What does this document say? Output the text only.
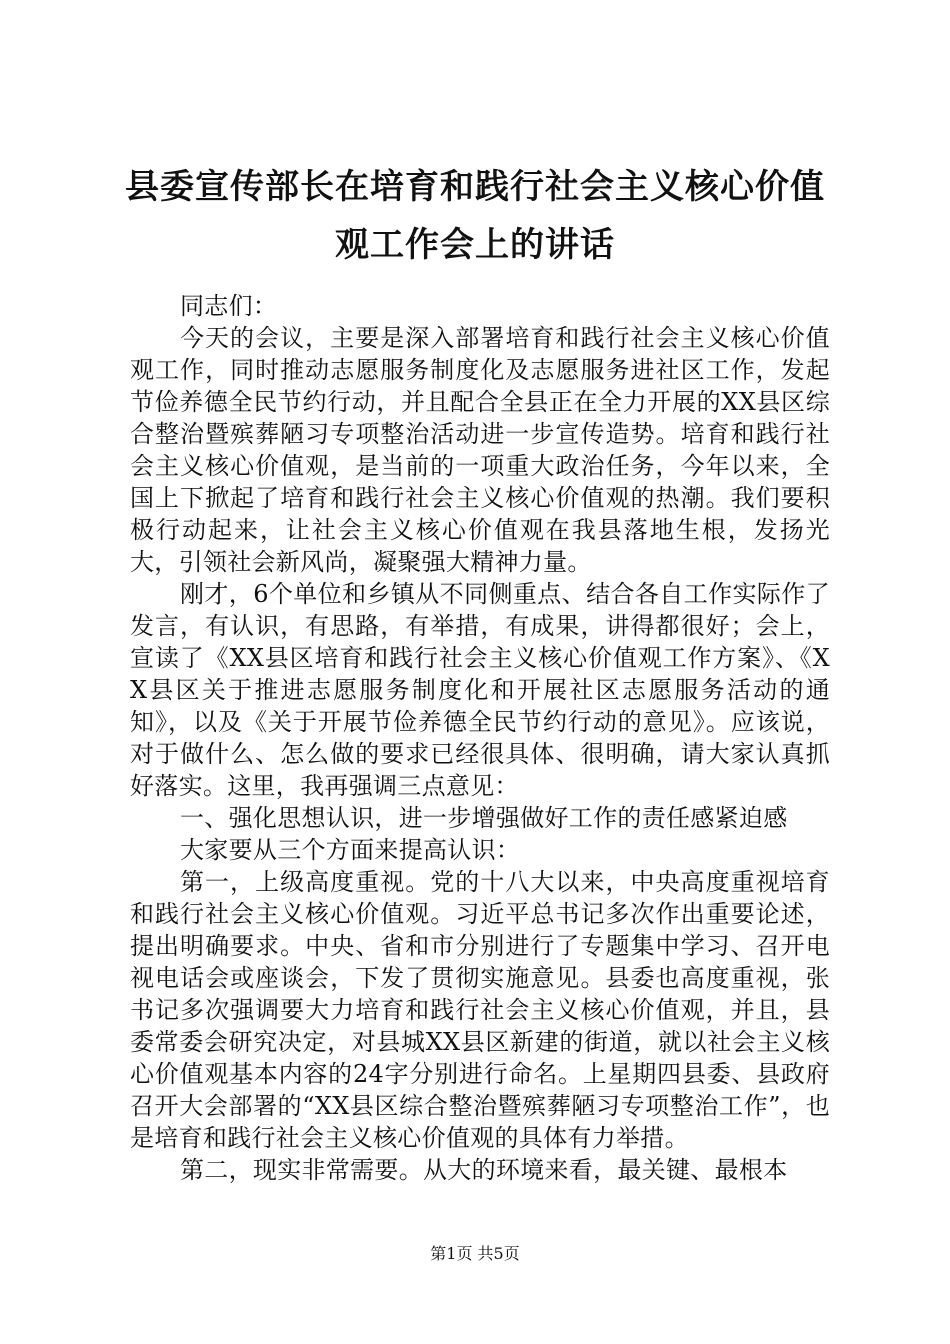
县委宣传部长在培育和践行社会主义核心价值观工作会上的讲话

同志们：

今天的会议，主要是深入部署培育和践行社会主义核心价值观工作，同时推动志愿服务制度化及志愿服务进社区工作，发起节俭养德全民节约行动，并且配合全县正在全力开展的XX县区综合整治暨殡葬陋习专项整治活动进一步宣传造势。培育和践行社会主义核心价值观，是当前的一项重大政治任务，今年以来，全国上下掀起了培育和践行社会主义核心价值观的热潮。我们要积极行动起来，让社会主义核心价值观在我县落地生根，发扬光大，引领社会新风尚，凝聚强大精神力量。

刚才，6个单位和乡镇从不同侧重点、结合各自工作实际作了发言，有认识，有思路，有举措，有成果，讲得都很好；会上，宣读了《XX县区培育和践行社会主义核心价值观工作方案》、《XX县区关于推进志愿服务制度化和开展社区志愿服务活动的通知》，以及《关于开展节俭养德全民节约行动的意见》。应该说，对于做什么、怎么做的要求已经很具体、很明确，请大家认真抓好落实。这里，我再强调三点意见：

一、强化思想认识，进一步增强做好工作的责任感紧迫感

大家要从三个方面来提高认识：

第一，上级高度重视。党的十八大以来，中央高度重视培育和践行社会主义核心价值观。习近平总书记多次作出重要论述，提出明确要求。中央、省和市分别进行了专题集中学习、召开电视电话会或座谈会，下发了贯彻实施意见。县委也高度重视，张书记多次强调要大力培育和践行社会主义核心价值观，并且，县委常委会研究决定，对县城XX县区新建的街道，就以社会主义核心价值观基本内容的24字分别进行命名。上星期四县委、县政府召开大会部署的“XX县区综合整治暨殡葬陋习专项整治工作”，也是培育和践行社会主义核心价值观的具体有力举措。

第二，现实非常需要。从大的环境来看，最关键、最根本

第1页 共5页
